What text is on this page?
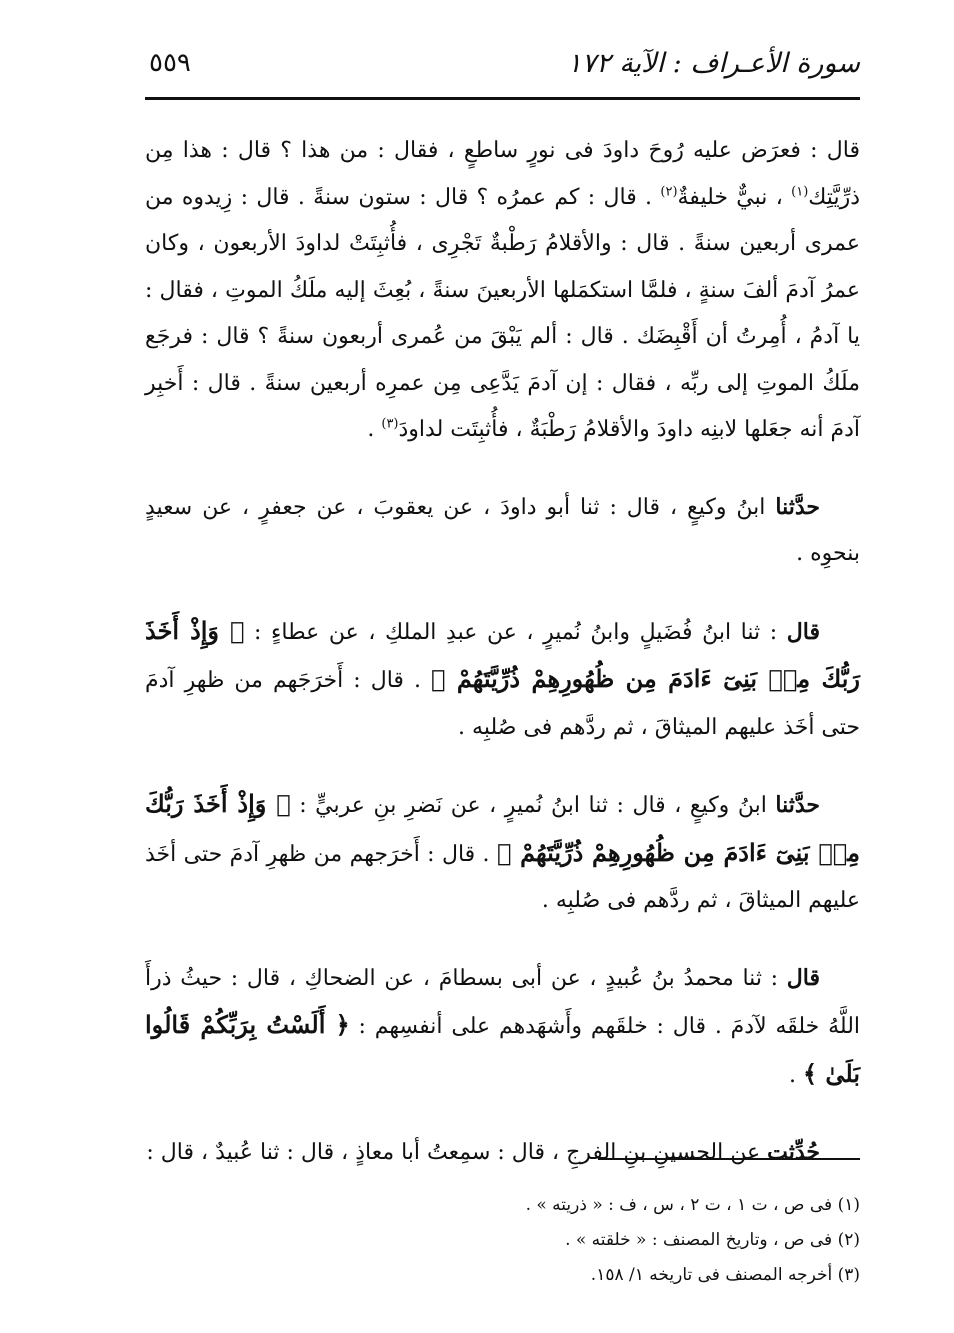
سورة الأعـراف : الآية ١٧٢
٥٥٩

قال : فعرَض عليه رُوحَ داودَ فى نورٍ ساطعٍ ، فقال : من هذا ؟ قال : هذا مِن ذرِّيَّتِك$^{(١)}$ ، نبيٌّ خليفةٌ$^{(٢)}$ . قال : كم عمرُه ؟ قال : ستون سنةً . قال : زِيدوه من عمرى أربعين سنةً . قال : والأقلامُ رَطْبةٌ تَجْرِى ، فأُثبِتَتْ لداودَ الأربعون ، وكان عمرُ آدمَ ألفَ سنةٍ ، فلمَّا استكمَلها الأربعينَ سنةً ، بُعِثَ إليه ملَكُ الموتِ ، فقال : يا آدمُ ، أُمِرتُ أن أَقْبِضَك . قال : ألم يَبْقَ من عُمرى أربعون سنةً ؟ قال : فرجَع ملَكُ الموتِ إلى ربِّه ، فقال : إن آدمَ يَدَّعِى مِن عمرِه أربعين سنةً . قال : أَخبِر آدمَ أنه جعَلها لابنِه داودَ والأقلامُ رَطْبَةٌ ، فأُثبِتَت لداودَ$^{(٣)}$ .

حدَّثنا ابنُ وكيعٍ ، قال : ثنا أبو داودَ ، عن يعقوبَ ، عن جعفرٍ ، عن سعيدٍ بنحوِه .

قال : ثنا ابنُ فُضَيلٍ وابنُ نُميرٍ ، عن عبدِ الملكِ ، عن عطاءٍ : ﴿ وَإِذْ أَخَذَ رَبُّكَ مِنۢ بَنِىٓ ءَادَمَ مِن ظُهُورِهِمْ ذُرِّيَّتَهُمْ ﴾ . قال : أَخرَجَهم من ظهرِ آدمَ حتى أخَذ عليهم الميثاقَ ، ثم ردَّهم فى صُلبِه .

حدَّثنا ابنُ وكيعٍ ، قال : ثنا ابنُ نُميرٍ ، عن نَضرِ بنِ عربيٍّ : ﴿ وَإِذْ أَخَذَ رَبُّكَ مِنۢ بَنِىٓ ءَادَمَ مِن ظُهُورِهِمْ ذُرِّيَّتَهُمْ ﴾ . قال : أَخرَجهم من ظهرِ آدمَ حتى أخَذ عليهم الميثاقَ ، ثم ردَّهم فى صُلبِه .

قال : ثنا محمدُ بنُ عُبيدٍ ، عن أبى بسطامَ ، عن الضحاكِ ، قال : حيثُ ذرأَ اللَّهُ خلقَه لآدمَ . قال : خلقَهم وأَشهَدهم على أنفسِهم : ﴿ أَلَسْتُ بِرَبِّكُمْ قَالُوا بَلَىٰ ﴾ .

حُدِّثت عن الحسينِ بنِ الفرجِ ، قال : سمِعتُ أبا معاذٍ ، قال : ثنا عُبيدٌ ، قال :

(١) فى ص ، ت ١ ، ت ٢ ، س ، ف : « ذريته » .

(٢) فى ص ، وتاريخ المصنف : « خلقته » .

(٣) أخرجه المصنف فى تاريخه ١/ ١٥٨.
